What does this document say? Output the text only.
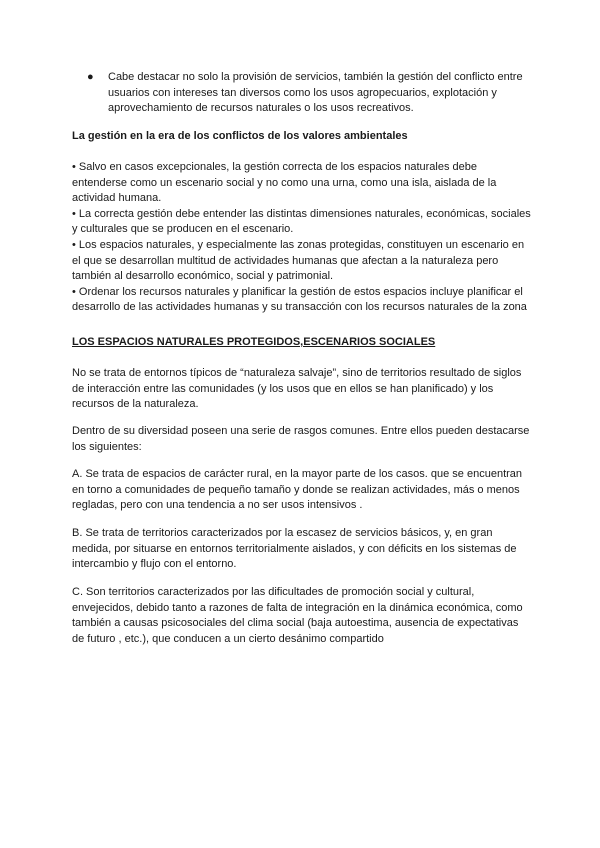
●	Cabe destacar no solo la provisión de servicios, también la gestión del conflicto entre usuarios con intereses tan diversos como los usos agropecuarios, explotación y aprovechamiento de recursos naturales o los usos recreativos.

La gestión en la era de los conflictos de los valores ambientales

• Salvo en casos excepcionales, la gestión correcta de los espacios naturales debe entenderse como un escenario social y no como una urna, como una isla, aislada de la actividad humana.
• La correcta gestión debe entender las distintas dimensiones naturales, económicas, sociales y culturales que se producen en el escenario.
• Los espacios naturales, y especialmente las zonas protegidas, constituyen un escenario en el que se desarrollan multitud de actividades humanas que afectan a la naturaleza pero también al desarrollo económico, social y patrimonial.
• Ordenar los recursos naturales y planificar la gestión de estos espacios incluye planificar el desarrollo de las actividades humanas y su transacción con los recursos naturales de la zona

LOS ESPACIOS NATURALES PROTEGIDOS,ESCENARIOS SOCIALES

No se trata de entornos típicos de “naturaleza salvaje”, sino de territorios resultado de siglos de interacción entre las comunidades (y los usos que en ellos se han planificado) y los recursos de la naturaleza.

Dentro de su diversidad poseen una serie de rasgos comunes. Entre ellos pueden destacarse los siguientes:

A. Se trata de espacios de carácter rural, en la mayor parte de los casos. que se encuentran en torno a comunidades de pequeño tamaño y donde se realizan actividades, más o menos regladas, pero con una tendencia a no ser usos intensivos .

B. Se trata de territorios caracterizados por la escasez de servicios básicos, y, en gran medida, por situarse en entornos territorialmente aislados, y con déficits en los sistemas de intercambio y flujo con el entorno.

C. Son territorios caracterizados por las dificultades de promoción social y cultural, envejecidos, debido tanto a razones de falta de integración en la dinámica económica, como también a causas psicosociales del clima social (baja autoestima, ausencia de expectativas de futuro , etc.), que conducen a un cierto desánimo compartido
